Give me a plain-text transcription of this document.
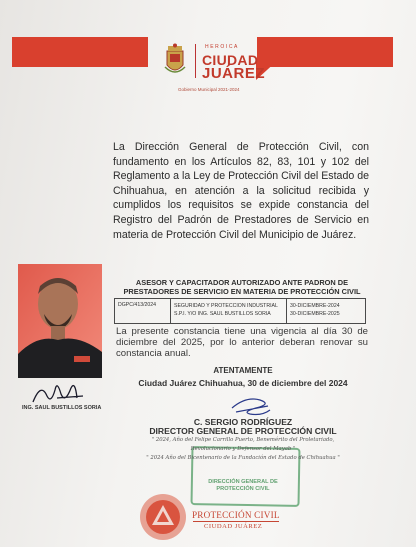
HEROICA
CIUDAD
JUÁREZ
Gobierno Municipal 2021-2024

La Dirección General de Protección Civil, con fundamento en los Artículos 82, 83, 101 y 102 del Reglamento a la Ley de Protección Civil del Estado de Chihuahua, en atención a la solicitud recibida y cumplidos los requisitos se expide constancia del Registro del Padrón de Prestadores de Servicio en materia de Protección Civil del Municipio de Juárez.

ING. SAUL BUSTILLOS SORIA
ASESOR Y CAPACITADOR AUTORIZADO ANTE PADRON DE
PRESTADORES DE SERVICIO EN MATERIA DE PROTECCIÓN CIVIL
DGPC/413/2024	SEGURIDAD Y PROTECCION INDUSTRIAL
S.P.I. Y/O ING. SAUL BUSTILLOS SORIA
30-DICIEMBRE-2024
30-DICIEMBRE-2025

La presente constancia tiene una vigencia al día 30 de diciembre del 2025, por lo anterior deberan renovar su constancia anual.

ATENTAMENTE
Ciudad Juárez Chihuahua, 30 de diciembre del 2024
C. SERGIO RODRÍGUEZ
DIRECTOR GENERAL DE PROTECCIÓN CIVIL
" 2024, Año del Felipe Carrillo Puerto, Benemérito del Proletariado,
Revolucionario y Defensor del Mayab "
" 2024 Año del Bicentenario de la Fundación del Estado de Chihuahua "
DIRECCIÓN GENERAL DE
PROTECCIÓN CIVIL
PROTECCIÓN CIVIL
CIUDAD JUÁREZ
